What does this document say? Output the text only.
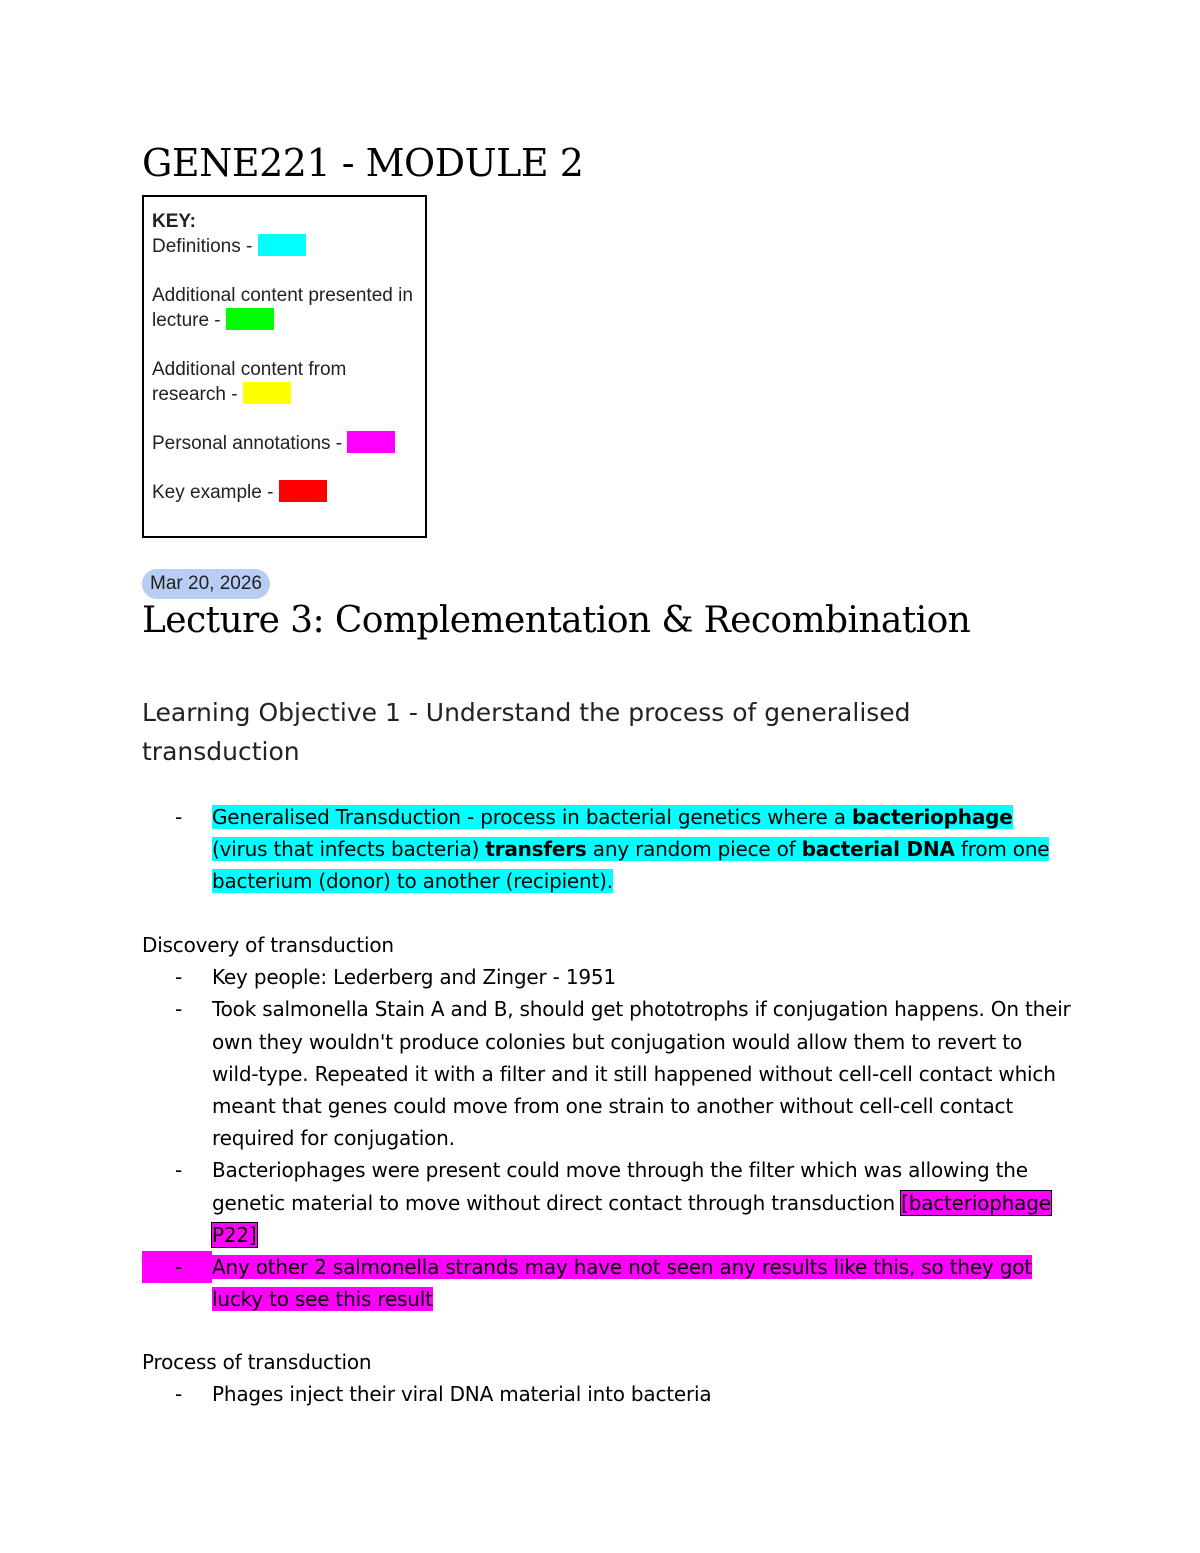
GENE221 - MODULE 2

KEY:

Definitions -

Additional content presented in lecture -

Additional content from research -

Personal annotations -

Key example -

Mar 20, 2026
Lecture 3: Complementation & Recombination
Learning Objective 1 - Understand the process of generalised transduction
- Generalised Transduction - process in bacterial genetics where a bacteriophage (virus that infects bacteria) transfers any random piece of bacterial DNA from one bacterium (donor) to another (recipient).

Discovery of transduction

- Key people: Lederberg and Zinger - 1951
- Took salmonella Stain A and B, should get phototrophs if conjugation happens. On their own they wouldn't produce colonies but conjugation would allow them to revert to wild-type. Repeated it with a filter and it still happened without cell-cell contact which meant that genes could move from one strain to another without cell-cell contact required for conjugation.
- Bacteriophages were present could move through the filter which was allowing the genetic material to move without direct contact through transduction [bacteriophage P22]
-	Any other 2 salmonella strands may have not seen any results like this, so they got lucky to see this result

Process of transduction

- Phages inject their viral DNA material into bacteria
